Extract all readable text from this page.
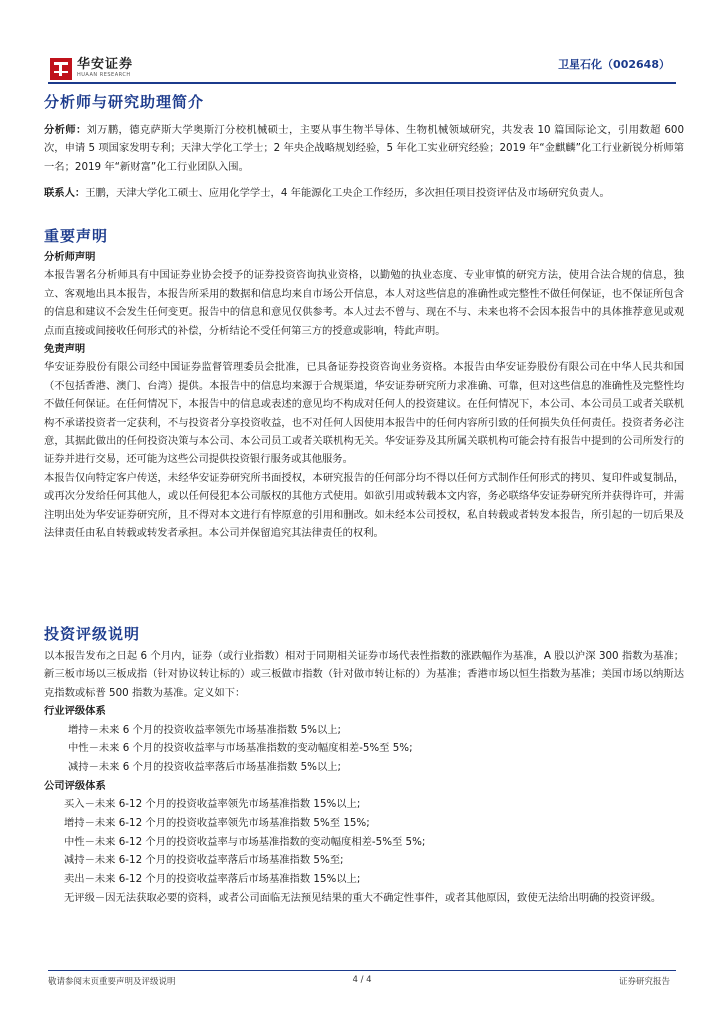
华安证券
HUAAN RESEARCH
卫星石化（002648）
分析师与研究助理简介

分析师：刘万鹏，德克萨斯大学奥斯汀分校机械硕士，主要从事生物半导体、生物机械领域研究，共发表 10 篇国际论文，引用数超 600 次，申请 5 项国家发明专利；天津大学化工学士；2 年央企战略规划经验，5 年化工实业研究经验；2019 年“金麒麟”化工行业新锐分析师第一名；2019 年“新财富”化工行业团队入围。

联系人：王鹏，天津大学化工硕士、应用化学学士，4 年能源化工央企工作经历，多次担任项目投资评估及市场研究负责人。

重要声明

分析师声明

本报告署名分析师具有中国证券业协会授予的证券投资咨询执业资格，以勤勉的执业态度、专业审慎的研究方法，使用合法合规的信息，独立、客观地出具本报告，本报告所采用的数据和信息均来自市场公开信息，本人对这些信息的准确性或完整性不做任何保证，也不保证所包含的信息和建议不会发生任何变更。报告中的信息和意见仅供参考。本人过去不曾与、现在不与、未来也将不会因本报告中的具体推荐意见或观点而直接或间接收任何形式的补偿，分析结论不受任何第三方的授意或影响，特此声明。

免责声明

华安证券股份有限公司经中国证券监督管理委员会批准，已具备证券投资咨询业务资格。本报告由华安证券股份有限公司在中华人民共和国（不包括香港、澳门、台湾）提供。本报告中的信息均来源于合规渠道，华安证券研究所力求准确、可靠，但对这些信息的准确性及完整性均不做任何保证。在任何情况下，本报告中的信息或表述的意见均不构成对任何人的投资建议。在任何情况下，本公司、本公司员工或者关联机构不承诺投资者一定获利，不与投资者分享投资收益，也不对任何人因使用本报告中的任何内容所引致的任何损失负任何责任。投资者务必注意，其据此做出的任何投资决策与本公司、本公司员工或者关联机构无关。华安证券及其所属关联机构可能会持有报告中提到的公司所发行的证券并进行交易，还可能为这些公司提供投资银行服务或其他服务。

本报告仅向特定客户传送，未经华安证券研究所书面授权，本研究报告的任何部分均不得以任何方式制作任何形式的拷贝、复印件或复制品，或再次分发给任何其他人，或以任何侵犯本公司版权的其他方式使用。如欲引用或转载本文内容，务必联络华安证券研究所并获得许可，并需注明出处为华安证券研究所，且不得对本文进行有悖原意的引用和删改。如未经本公司授权，私自转载或者转发本报告，所引起的一切后果及法律责任由私自转载或转发者承担。本公司并保留追究其法律责任的权利。

投资评级说明

以本报告发布之日起 6 个月内，证券（或行业指数）相对于同期相关证券市场代表性指数的涨跌幅作为基准，A 股以沪深 300 指数为基准；新三板市场以三板成指（针对协议转让标的）或三板做市指数（针对做市转让标的）为基准；香港市场以恒生指数为基准；美国市场以纳斯达克指数或标普 500 指数为基准。定义如下：

行业评级体系

增持－未来 6 个月的投资收益率领先市场基准指数 5%以上;
中性－未来 6 个月的投资收益率与市场基准指数的变动幅度相差-5%至 5%;
减持－未来 6 个月的投资收益率落后市场基准指数 5%以上;

公司评级体系

买入－未来 6-12 个月的投资收益率领先市场基准指数 15%以上;
增持－未来 6-12 个月的投资收益率领先市场基准指数 5%至 15%;
中性－未来 6-12 个月的投资收益率与市场基准指数的变动幅度相差-5%至 5%;
减持－未来 6-12 个月的投资收益率落后市场基准指数 5%至;
卖出－未来 6-12 个月的投资收益率落后市场基准指数 15%以上;
无评级－ 因无法获取必要的资料，或者公司面临无法预见结果的重大不确定性事件，或者其他原因，致使无法给出明确的投资评级。
敬请参阅末页重要声明及评级说明	4 / 4	证券研究报告
